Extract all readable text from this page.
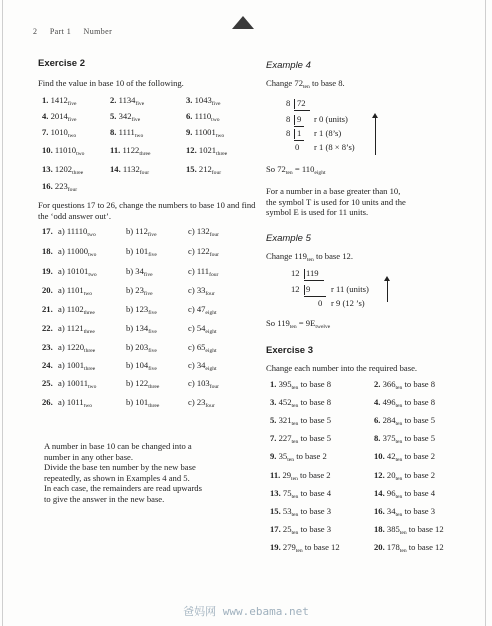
2 Part 1 Number
Exercise 2
Find the value in base 10 of the following.
For questions 17 to 26, change the numbers to base 10 and find the ‘odd answer out’.
A number in base 10 can be changed into a
number in any other base.
Divide the base ten number by the new base
repeatedly, as shown in Examples 4 and 5.
In each case, the remainders are read upwards
to give the answer in the new base.
Example 4
Change $72_{ten}$ to base 8.
So $72_{ten} = 110_{eight}$
For a number in a base greater than 10,
the symbol T is used for 10 units and the
symbol E is used for 11 units.
Example 5
Change $119_{ten}$ to base 12.
So $119_{ten} = 9E_{twelve}$
Exercise 3
Change each number into the required base.
爸妈网 www.ebama.net
1. $1412_{five}$	2. $1134_{five}$	3. $1043_{five}$
4. $2014_{five}$	5. $342_{five}$	6. $1110_{two}$
7. $1010_{two}$	8. $1111_{two}$	9. $11001_{two}$
10. $11010_{two}$	11. $1122_{three}$	12. $1021_{three}$
13. $1202_{three}$	14. $1132_{four}$	15. $212_{four}$
16. $223_{four}$
17. a) $11110_{two}$	b) $112_{five}$	c) $132_{four}$
18. a) $11000_{two}$	b) $101_{five}$	c) $122_{four}$
19. a) $10101_{two}$	b) $34_{five}$	c) $111_{four}$
20. a) $1101_{two}$	b) $23_{five}$	c) $33_{four}$
21. a) $1102_{three}$	b) $123_{five}$	c) $47_{eight}$
22. a) $1121_{three}$	b) $134_{five}$	c) $54_{eight}$
23. a) $1220_{three}$	b) $203_{five}$	c) $65_{eight}$
24. a) $1001_{three}$	b) $104_{five}$	c) $34_{eight}$
25. a) $10011_{two}$	b) $122_{three}$	c) $103_{four}$
26. a) $1011_{two}$	b) $101_{three}$	c) $23_{four}$
8 72
8 9 r 0 (units)
8 1 r 1 (8’s)
0 r 1 (8 × 8’s)
12 119
12 9 r 11 (units)
0 r 9 (12 ’s)
1. $395_{ten}$ to base 8	2. $366_{ten}$ to base 8
3. $452_{ten}$ to base 8	4. $496_{ten}$ to base 8
5. $321_{ten}$ to base 5	6. $284_{ten}$ to base 5
7. $227_{ten}$ to base 5	8. $375_{ten}$ to base 5
9. $35_{ten}$ to base 2	10. $42_{ten}$ to base 2
11. $29_{ten}$ to base 2	12. $20_{ten}$ to base 2
13. $75_{ten}$ to base 4	14. $96_{ten}$ to base 4
15. $53_{ten}$ to base 3	16. $34_{ten}$ to base 3
17. $25_{ten}$ to base 3	18. $385_{ten}$ to base 12
19. $279_{ten}$ to base 12	20. $178_{ten}$ to base 12
